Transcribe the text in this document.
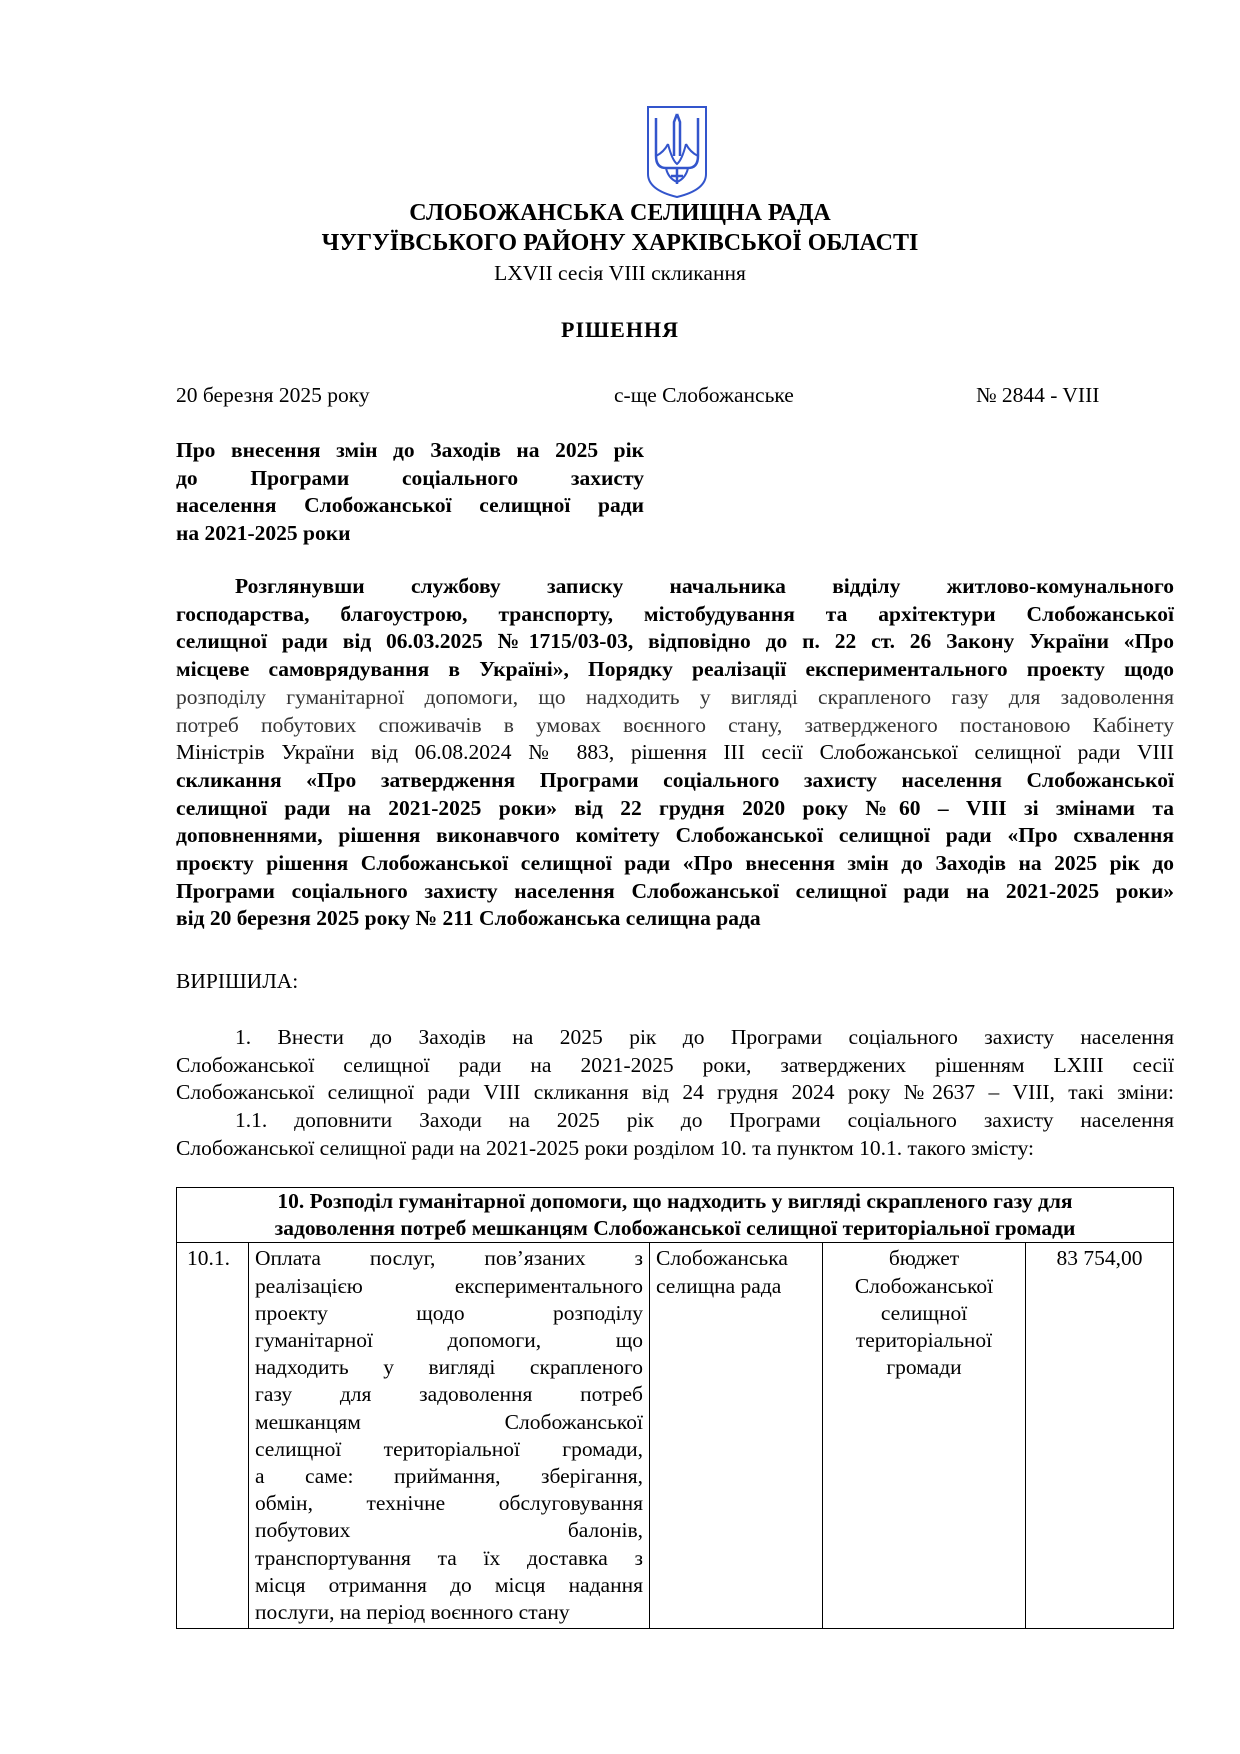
СЛОБОЖАНСЬКА СЕЛИЩНА РАДА
ЧУГУЇВСЬКОГО РАЙОНУ ХАРКІВСЬКОЇ ОБЛАСТІ
LXVII сесія VIII скликання
РІШЕННЯ
20 березня 2025 року	с-ще Слобожанське	№ 2844 - VIII
Про внесення змін до Заходів на 2025 рік
до Програми соціального захисту
населення Слобожанської селищної ради
на 2021-2025 роки
Розглянувши службову записку начальника відділу житлово-комунального
господарства, благоустрою, транспорту, містобудування та архітектури Слобожанської
селищної ради від 06.03.2025 №1715/03-03, відповідно до п. 22 ст. 26 Закону України «Про
місцеве самоврядування в Україні», Порядку реалізації експериментального проекту щодо
розподілу гуманітарної допомоги, що надходить у вигляді скрапленого газу для задоволення
потреб побутових споживачів в умовах воєнного стану, затвердженого постановою Кабінету
Міністрів України від 06.08.2024 № 883, рішення ІІІ сесії Слобожанської селищної ради VIII
скликання «Про затвердження Програми соціального захисту населення Слобожанської
селищної ради на 2021-2025 роки» від 22 грудня 2020 року №60 – VIII зі змінами та
доповненнями, рішення виконавчого комітету Слобожанської селищної ради «Про схвалення
проєкту рішення Слобожанської селищної ради «Про внесення змін до Заходів на 2025 рік до
Програми соціального захисту населення Слобожанської селищної ради на 2021-2025 роки»
від 20 березня 2025 року № 211 Слобожанська селищна рада
ВИРІШИЛА:
1. Внести до Заходів на 2025 рік до Програми соціального захисту населення
Слобожанської селищної ради на 2021-2025 роки, затверджених рішенням LXIII сесії
Слобожанської селищної ради VIII скликання від 24 грудня 2024 року №2637 – VIII, такі зміни:
1.1. доповнити Заходи на 2025 рік до Програми соціального захисту населення
Слобожанської селищної ради на 2021-2025 роки розділом 10. та пунктом 10.1. такого змісту:
10. Розподіл гуманітарної допомоги, що надходить у вигляді скрапленого газу для
задоволення потреб мешканцям Слобожанської селищної територіальної громади

10.1.	Оплата послуг, пов’язаних з
реалізацією експериментального
проекту щодо розподілу
гуманітарної допомоги, що
надходить у вигляді скрапленого
газу для задоволення потреб
мешканцям Слобожанської
селищної територіальної громади,
а саме: приймання, зберігання,
обмін, технічне обслуговування
побутових балонів,
транспортування та їх доставка з
місця отримання до місця надання
послуги, на період воєнного стану
	Слобожанська селищна рада	бюджет Слобожанської селищної територіальної громади	83 754,00
